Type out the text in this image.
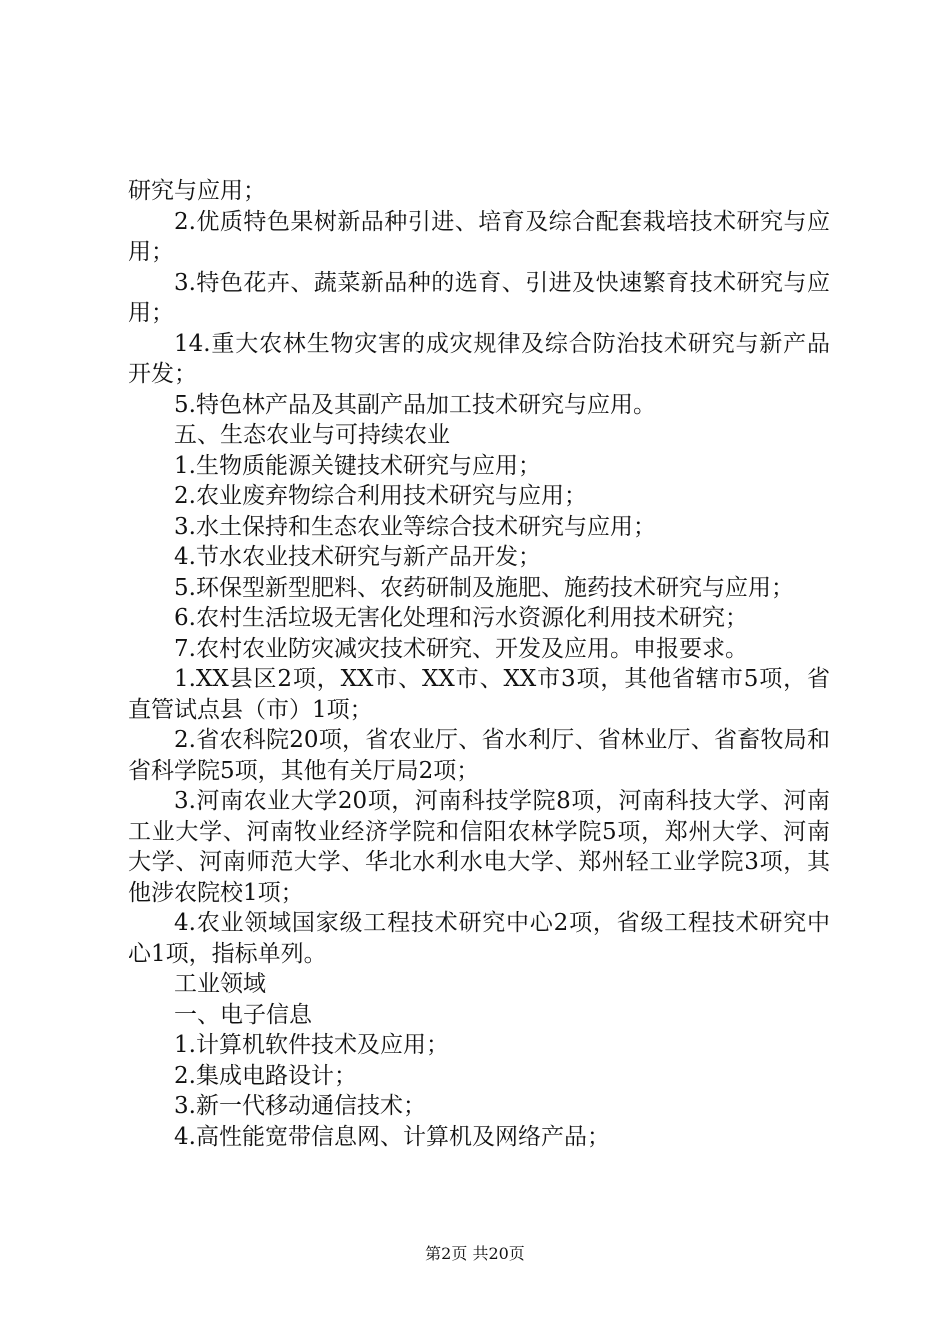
研究与应用；

2.优质特色果树新品种引进、培育及综合配套栽培技术研究与应用；

3.特色花卉、蔬菜新品种的选育、引进及快速繁育技术研究与应用；

14.重大农林生物灾害的成灾规律及综合防治技术研究与新产品开发；

5.特色林产品及其副产品加工技术研究与应用。

五、生态农业与可持续农业

1.生物质能源关键技术研究与应用；

2.农业废弃物综合利用技术研究与应用；

3.水土保持和生态农业等综合技术研究与应用；

4.节水农业技术研究与新产品开发；

5.环保型新型肥料、农药研制及施肥、施药技术研究与应用；

6.农村生活垃圾无害化处理和污水资源化利用技术研究；

7.农村农业防灾减灾技术研究、开发及应用。申报要求。

1.XX县区2项，XX市、XX市、XX市3项，其他省辖市5项，省直管试点县（市）1项；

2.省农科院20项，省农业厅、省水利厅、省林业厅、省畜牧局和省科学院5项，其他有关厅局2项；

3.河南农业大学20项，河南科技学院8项，河南科技大学、河南工业大学、河南牧业经济学院和信阳农林学院5项，郑州大学、河南大学、河南师范大学、华北水利水电大学、郑州轻工业学院3项，其他涉农院校1项；

4.农业领域国家级工程技术研究中心2项，省级工程技术研究中心1项，指标单列。

工业领域

一、电子信息

1.计算机软件技术及应用；

2.集成电路设计；

3.新一代移动通信技术；

4.高性能宽带信息网、计算机及网络产品；

第2页 共20页
